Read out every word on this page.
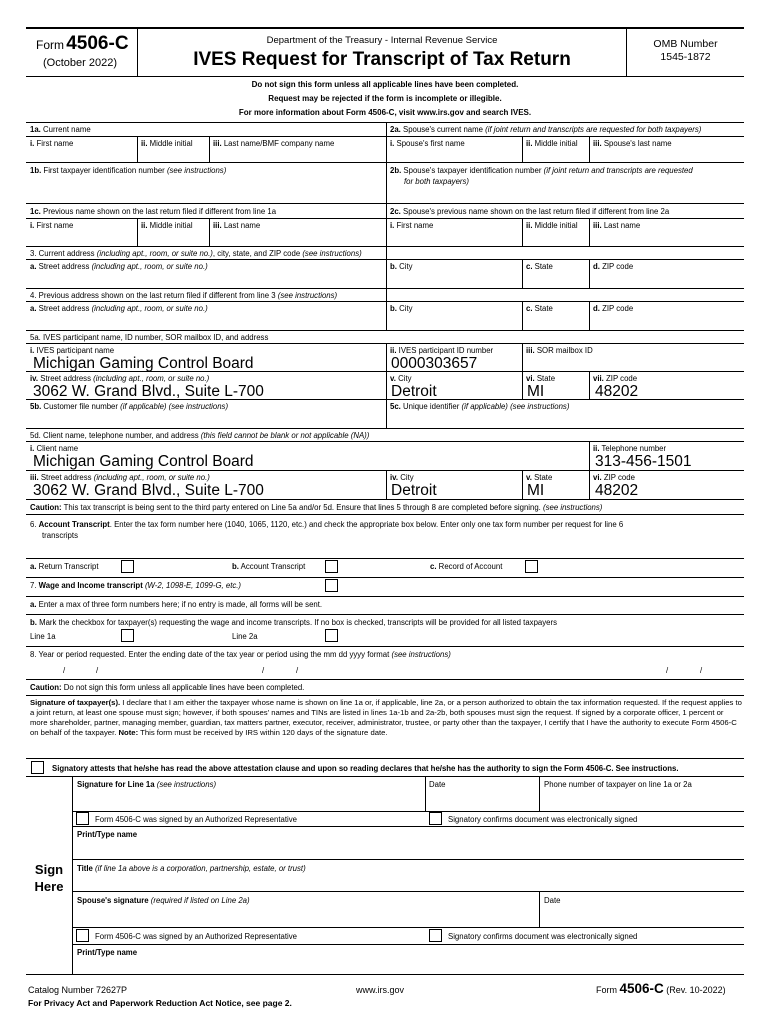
Form 4506-C
(October 2022)
Department of the Treasury - Internal Revenue Service
IVES Request for Transcript of Tax Return
OMB Number
1545-1872
Do not sign this form unless all applicable lines have been completed.
Request may be rejected if the form is incomplete or illegible.
For more information about Form 4506-C, visit www.irs.gov and search IVES.
1a. Current name
i. First name	ii. Middle initial	iii. Last name/BMF company name
2a. Spouse's current name (if joint return and transcripts are requested for both taxpayers)
i. Spouse's first name	ii. Middle initial iii. Spouse's last name
1b. First taxpayer identification number (see instructions)	2b. Spouse's taxpayer identification number (if joint return and transcripts are requested
for both taxpayers)
1c. Previous name shown on the last return filed if different from line 1a
i. First name	ii. Middle initial	iii. Last name
2c. Spouse's previous name shown on the last return filed if different from line 2a
i. First name	ii. Middle initial iii. Last name
3. Current address (including apt., room, or suite no.), city, state, and ZIP code (see instructions)
a. Street address (including apt., room, or suite no.)	b. City	c. State	d. ZIP code
4. Previous address shown on the last return filed if different from line 3 (see instructions)
a. Street address (including apt., room, or suite no.)	b. City	c. State	d. ZIP code
5a. IVES participant name, ID number, SOR mailbox ID, and address
i. IVES participant name
Michigan Gaming Control Board
ii. IVES participant ID number
0000303657
iii. SOR mailbox ID
iv. Street address (including apt., room, or suite no.)
3062 W. Grand Blvd., Suite L-700
v. City
Detroit
vi. State
MI
vii. ZIP code
48202
5b. Customer file number (if applicable) (see instructions)	5c. Unique identifier (if applicable) (see instructions)
5d. Client name, telephone number, and address (this field cannot be blank or not applicable (NA))
i. Client name
Michigan Gaming Control Board
ii. Telephone number
313-456-1501
iii. Street address (including apt., room, or suite no.)
3062 W. Grand Blvd., Suite L-700
iv. City
Detroit
v. State
MI
vi. ZIP code
48202
Caution: This tax transcript is being sent to the third party entered on Line 5a and/or 5d. Ensure that lines 5 through 8 are completed before signing. (see instructions)
6. Account Transcript. Enter the tax form number here (1040, 1065, 1120, etc.) and check the appropriate box below. Enter only one tax form number per request for line 6
transcripts
a. Return Transcript	b. Account Transcript	c. Record of Account
7. Wage and Income transcript (W-2, 1098-E, 1099-G, etc.)
a. Enter a max of three form numbers here; if no entry is made, all forms will be sent.
b. Mark the checkbox for taxpayer(s) requesting the wage and income transcripts. If no box is checked, transcripts will be provided for all listed taxpayers
Line 1a	Line 2a
8. Year or period requested. Enter the ending date of the tax year or period using the mm dd yyyy format (see instructions)
/	/	/	/	/	/
Caution: Do not sign this form unless all applicable lines have been completed.
Signature of taxpayer(s). I declare that I am either the taxpayer whose name is shown on line 1a or, if applicable, line 2a, or a person authorized to obtain the tax information requested. If the request applies to a joint return, at least one spouse must sign; however, if both spouses' names and TINs are listed in lines 1a-1b and 2a-2b, both spouses must sign the request. If signed by a corporate officer, 1 percent or more shareholder, partner, managing member, guardian, tax matters partner, executor, receiver, administrator, trustee, or party other than the taxpayer, I certify that I have the authority to execute Form 4506-C on behalf of the taxpayer. Note: This form must be received by IRS within 120 days of the signature date.
Signatory attests that he/she has read the above attestation clause and upon so reading declares that he/she has the authority to sign the Form 4506-C. See instructions.
Sign
Here
Signature for Line 1a (see instructions)	Date	Phone number of taxpayer on line 1a or 2a
Form 4506-C was signed by an Authorized Representative	Signatory confirms document was electronically signed
Print/Type name
Title (if line 1a above is a corporation, partnership, estate, or trust)
Spouse's signature (required if listed on Line 2a)	Date
Form 4506-C was signed by an Authorized Representative	Signatory confirms document was electronically signed
Print/Type name
Catalog Number 72627P	www.irs.gov	Form 4506-C (Rev. 10-2022)
For Privacy Act and Paperwork Reduction Act Notice, see page 2.
